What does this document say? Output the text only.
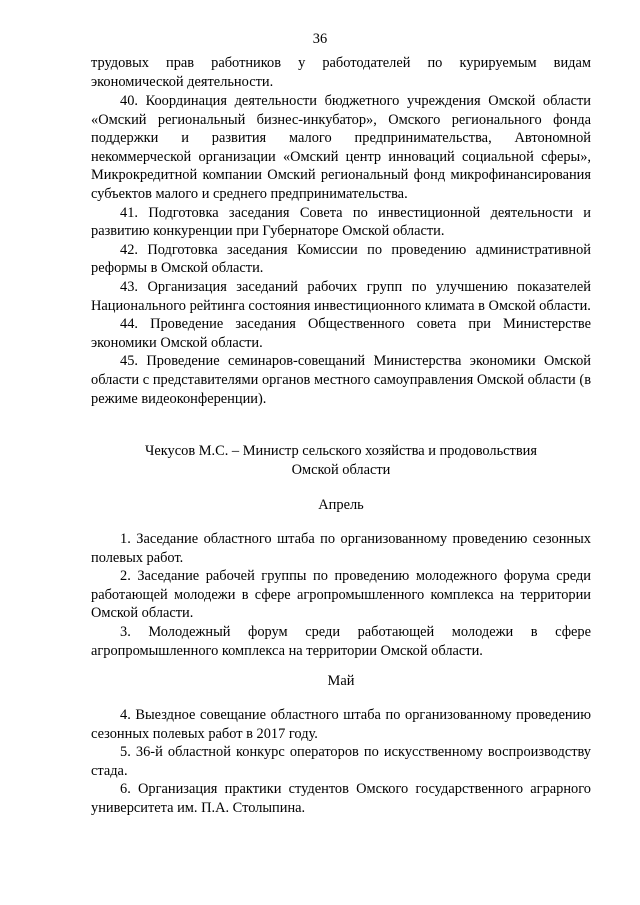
36

трудовых прав работников у работодателей по курируемым видам экономической деятельности.

40. Координация деятельности бюджетного учреждения Омской области «Омский региональный бизнес-инкубатор», Омского регионального фонда поддержки и развития малого предпринимательства, Автономной некоммерческой организации «Омский центр инноваций социальной сферы», Микрокредитной компании Омский региональный фонд микрофинансирования субъектов малого и среднего предпринимательства.

41. Подготовка заседания Совета по инвестиционной деятельности и развитию конкуренции при Губернаторе Омской области.

42. Подготовка заседания Комиссии по проведению административной реформы в Омской области.

43. Организация заседаний рабочих групп по улучшению показателей Национального рейтинга состояния инвестиционного климата в Омской области.

44. Проведение заседания Общественного совета при Министерстве экономики Омской области.

45. Проведение семинаров-совещаний Министерства экономики Омской области с представителями органов местного самоуправления Омской области (в режиме видеоконференции).

Чекусов М.С. – Министр сельского хозяйства и продовольствия

Омской области

Апрель

1. Заседание областного штаба по организованному проведению сезонных полевых работ.

2. Заседание рабочей группы по проведению молодежного форума среди работающей молодежи в сфере агропромышленного комплекса на территории Омской области.

3. Молодежный форум среди работающей молодежи в сфере агропромышленного комплекса на территории Омской области.

Май

4. Выездное совещание областного штаба по организованному проведению сезонных полевых работ в 2017 году.

5. 36-й областной конкурс операторов по искусственному воспроизводству стада.

6. Организация практики студентов Омского государственного аграрного университета им. П.А. Столыпина.
